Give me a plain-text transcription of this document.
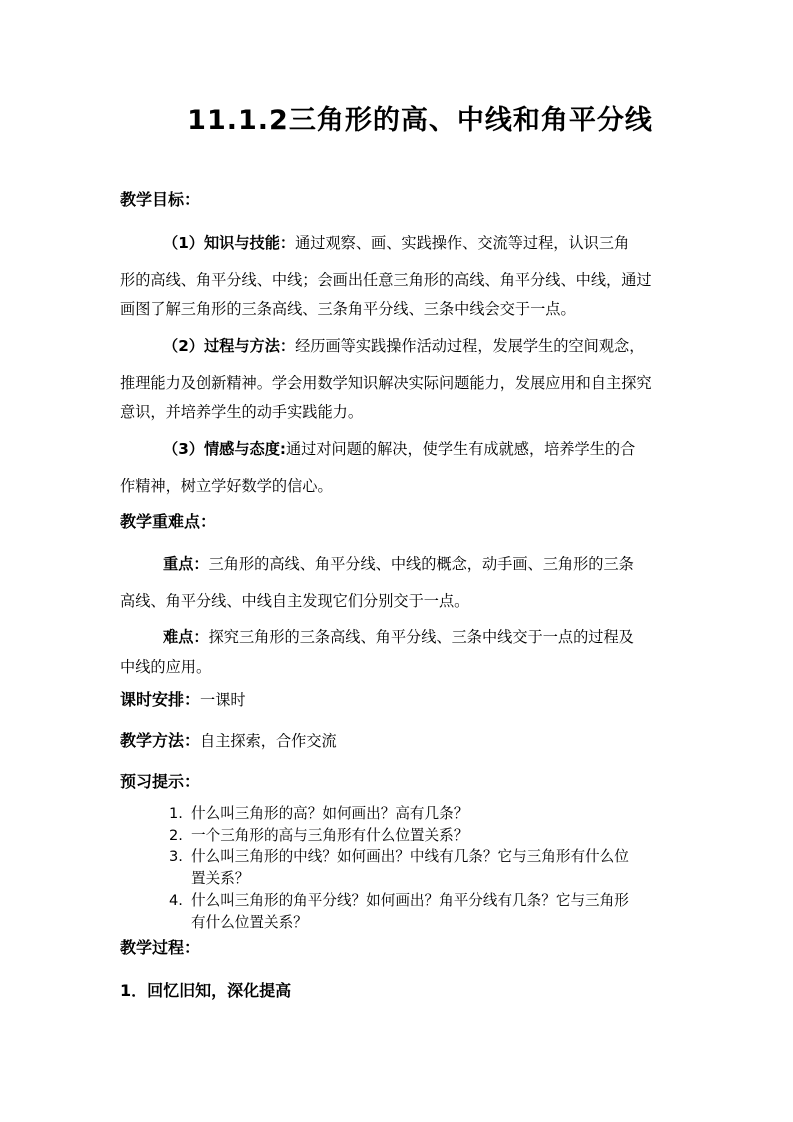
11.1.2三角形的高、中线和角平分线
教学目标：
（1）知识与技能：通过观察、画、实践操作、交流等过程，认识三角
形的高线、角平分线、中线；会画出任意三角形的高线、角平分线、中线，通过
画图了解三角形的三条高线、三条角平分线、三条中线会交于一点。
（2）过程与方法：经历画等实践操作活动过程，发展学生的空间观念，
推理能力及创新精神。学会用数学知识解决实际问题能力，发展应用和自主探究
意识，并培养学生的动手实践能力。
（3）情感与态度:通过对问题的解决，使学生有成就感，培养学生的合
作精神，树立学好数学的信心。
教学重难点：
重点：三角形的高线、角平分线、中线的概念，动手画、三角形的三条
高线、角平分线、中线自主发现它们分别交于一点。
难点：探究三角形的三条高线、角平分线、三条中线交于一点的过程及
中线的应用。
课时安排：一课时
教学方法：自主探索，合作交流
预习提示：
1. 什么叫三角形的高？如何画出？高有几条？
2. 一个三角形的高与三角形有什么位置关系？
3. 什么叫三角形的中线？如何画出？中线有几条？它与三角形有什么位
置关系？
4. 什么叫三角形的角平分线？如何画出？角平分线有几条？它与三角形
有什么位置关系？
教学过程：
1．回忆旧知，深化提高
